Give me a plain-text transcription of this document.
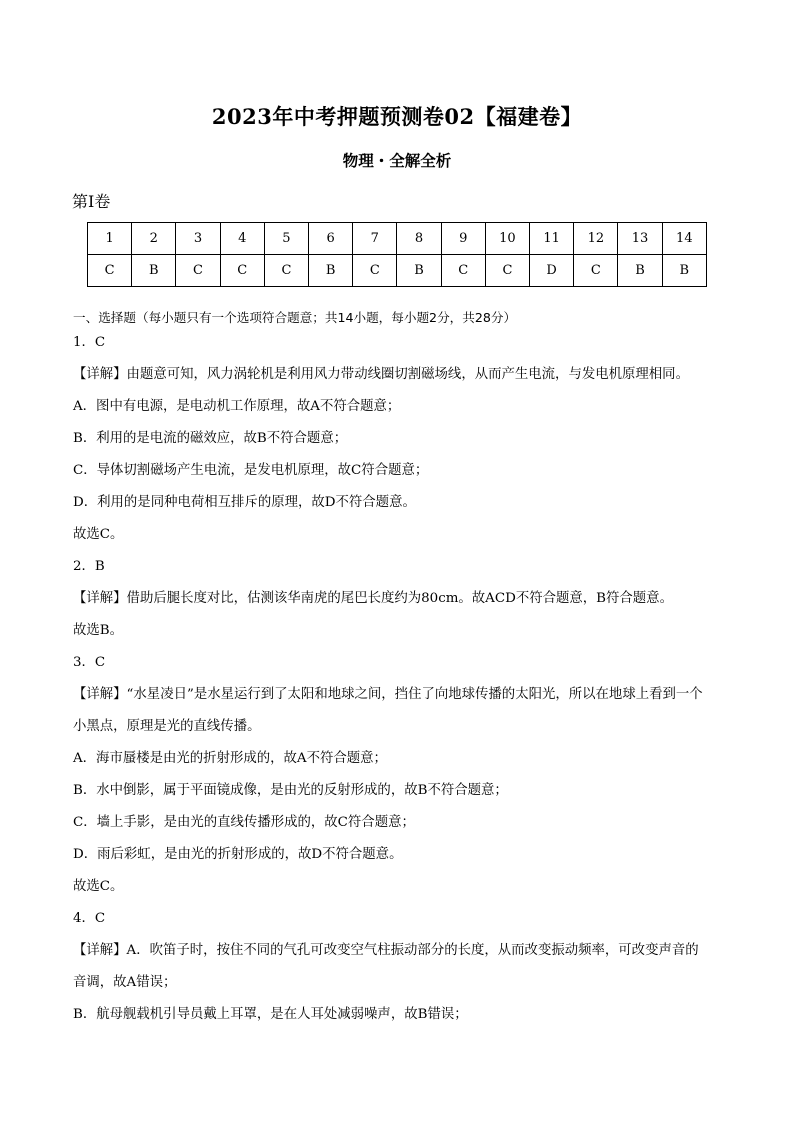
2023年中考押题预测卷02【福建卷】
物理・全解全析
第Ⅰ卷
1	2	3	4	5	6	7	8	9	10	11	12	13	14
C	B	C	C	C	B	C	B	C	C	D	C	B	B
一、选择题（每小题只有一个选项符合题意；共14小题，每小题2分，共28分）
1．C
【详解】由题意可知，风力涡轮机是利用风力带动线圈切割磁场线，从而产生电流，与发电机原理相同。
A．图中有电源，是电动机工作原理，故A不符合题意；
B．利用的是电流的磁效应，故B不符合题意；
C．导体切割磁场产生电流，是发电机原理，故C符合题意；
D．利用的是同种电荷相互排斥的原理，故D不符合题意。
故选C。
2．B
【详解】借助后腿长度对比，估测该华南虎的尾巴长度约为80cm。故ACD不符合题意，B符合题意。
故选B。
3．C
【详解】“水星凌日”是水星运行到了太阳和地球之间，挡住了向地球传播的太阳光，所以在地球上看到一个
小黑点，原理是光的直线传播。
A．海市蜃楼是由光的折射形成的，故A不符合题意；
B．水中倒影，属于平面镜成像，是由光的反射形成的，故B不符合题意；
C．墙上手影，是由光的直线传播形成的，故C符合题意；
D．雨后彩虹，是由光的折射形成的，故D不符合题意。
故选C。
4．C
【详解】A．吹笛子时，按住不同的气孔可改变空气柱振动部分的长度，从而改变振动频率，可改变声音的
音调，故A错误；
B．航母舰载机引导员戴上耳罩，是在人耳处减弱噪声，故B错误；
